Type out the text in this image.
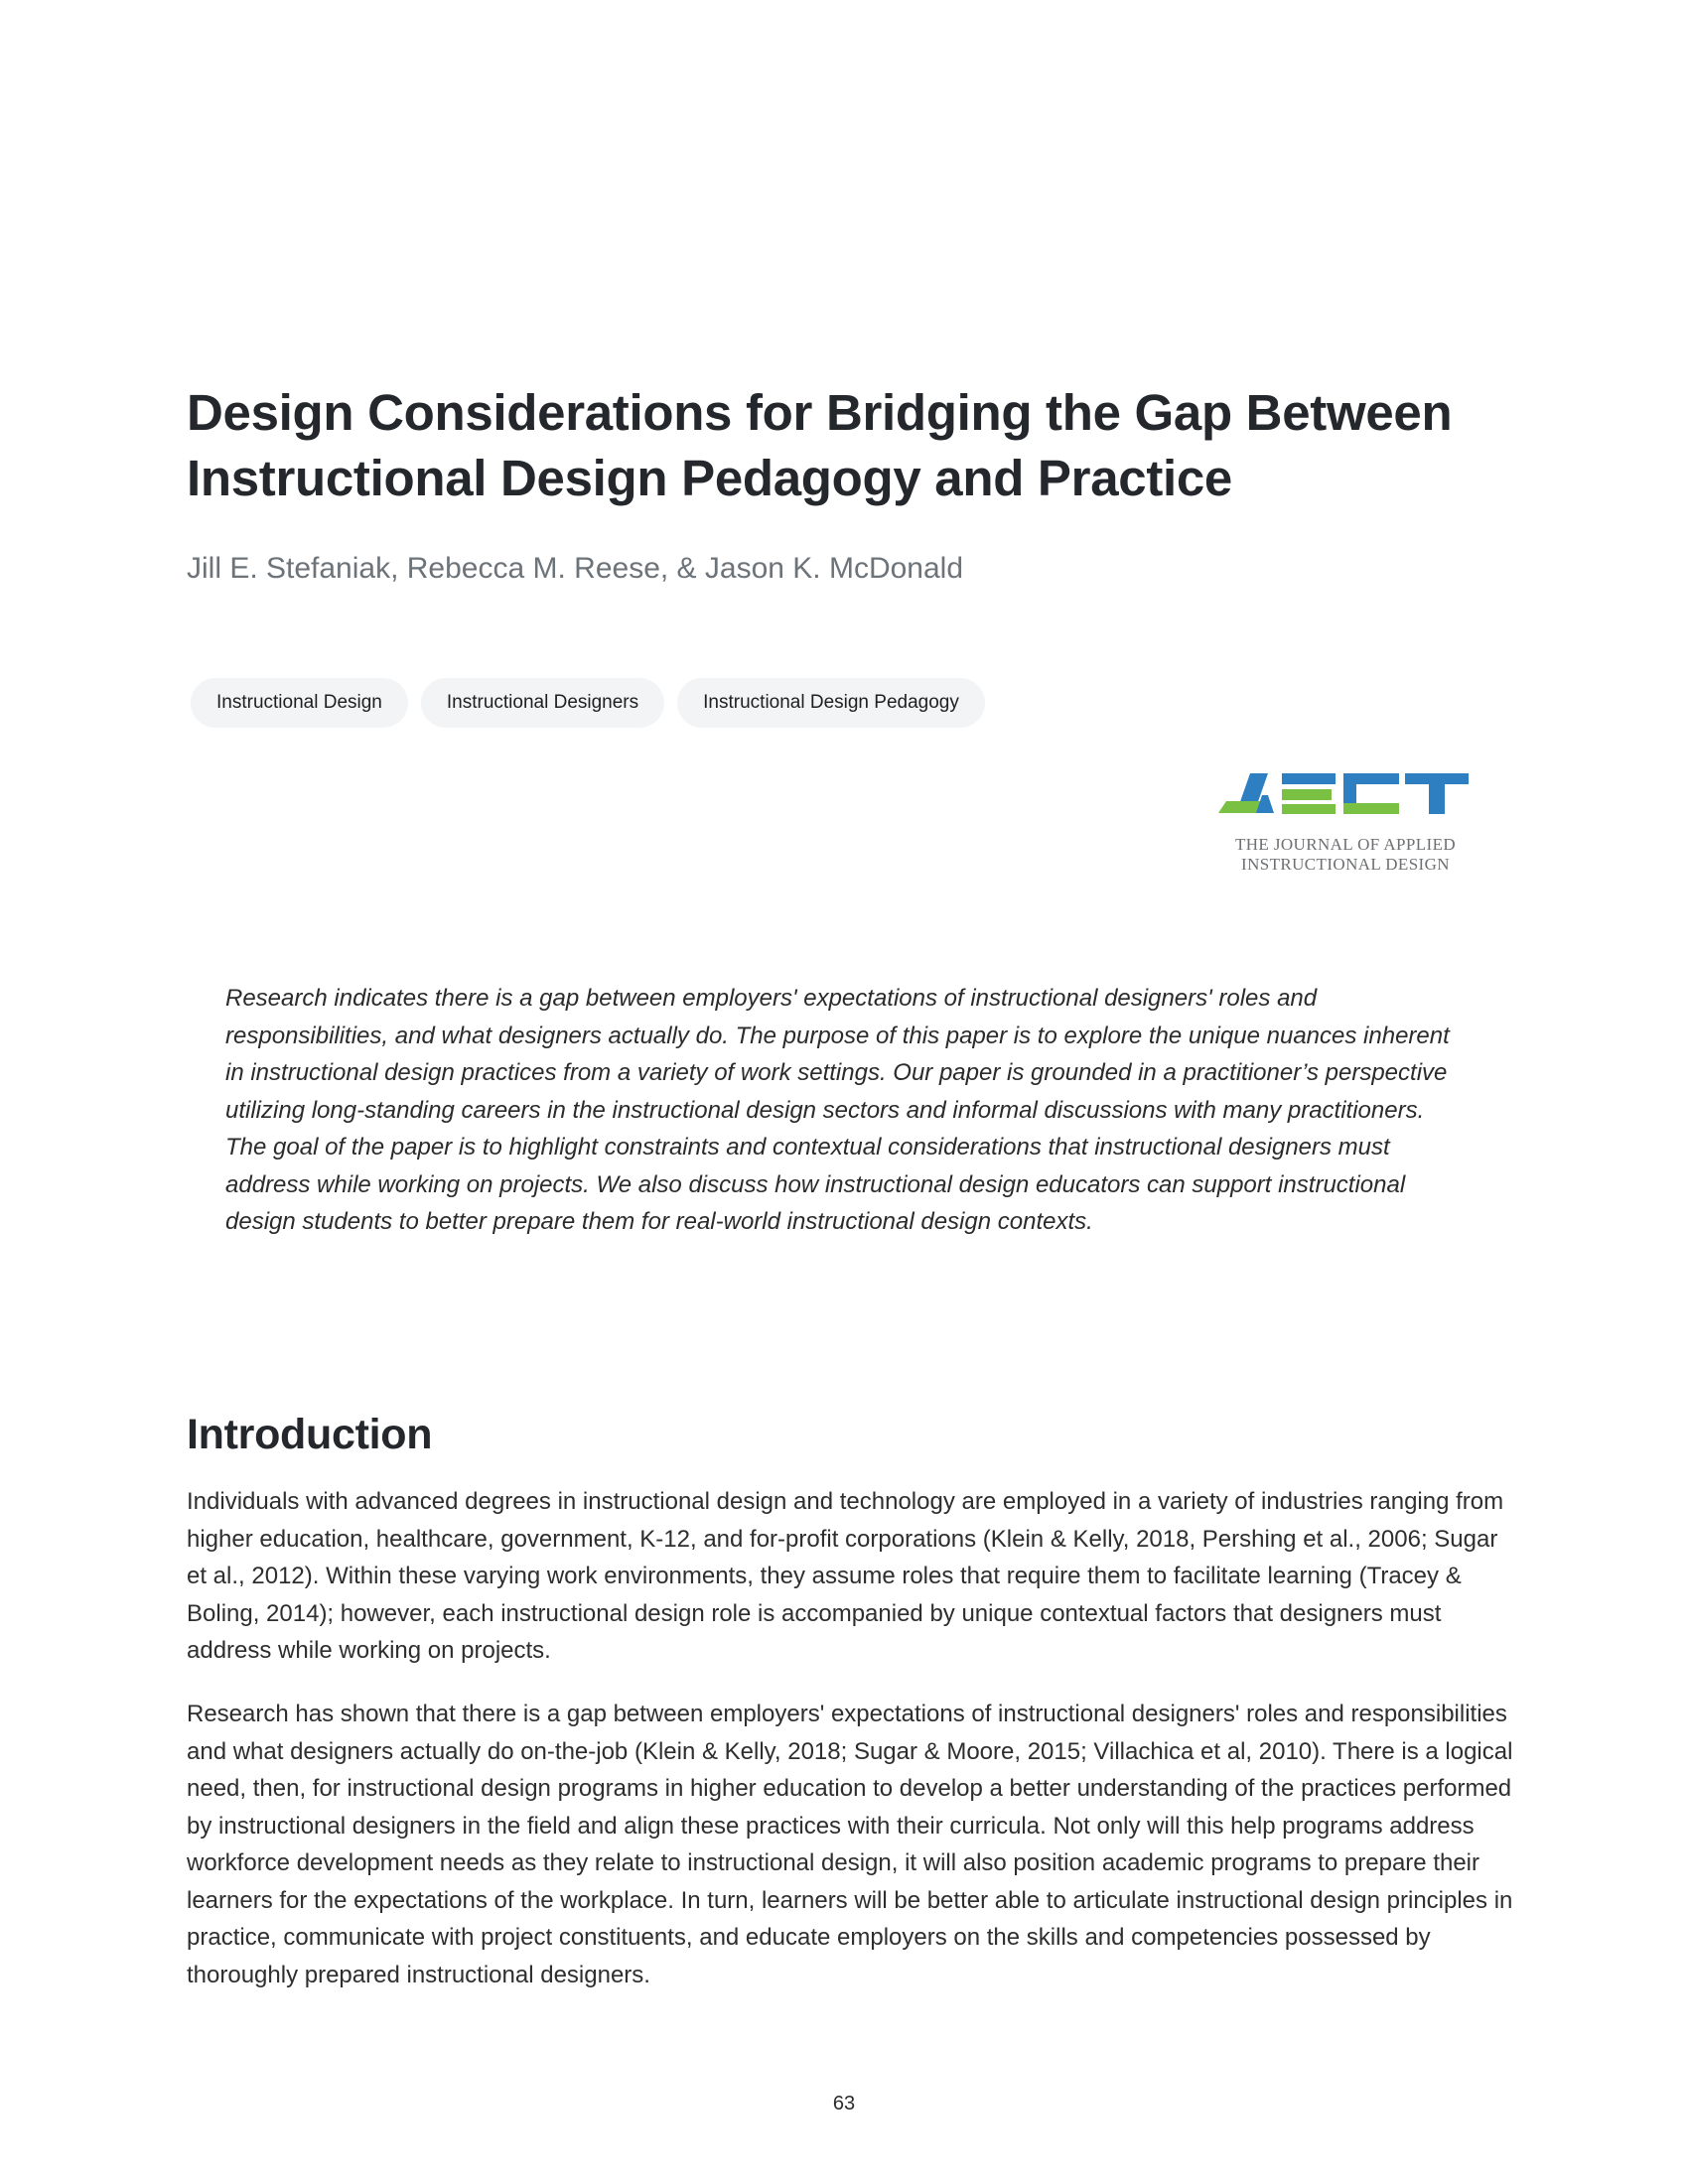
Design Considerations for Bridging the Gap Between Instructional Design Pedagogy and Practice

Jill E. Stefaniak, Rebecca M. Reese, & Jason K. McDonald

Instructional Design	Instructional Designers	Instructional Design Pedagogy
THE JOURNAL OF APPLIED
INSTRUCTIONAL DESIGN

Research indicates there is a gap between employers' expectations of instructional designers' roles and responsibilities, and what designers actually do. The purpose of this paper is to explore the unique nuances inherent in instructional design practices from a variety of work settings. Our paper is grounded in a practitioner’s perspective utilizing long-standing careers in the instructional design sectors and informal discussions with many practitioners. The goal of the paper is to highlight constraints and contextual considerations that instructional designers must address while working on projects. We also discuss how instructional design educators can support instructional design students to better prepare them for real-world instructional design contexts.

Introduction

Individuals with advanced degrees in instructional design and technology are employed in a variety of industries ranging from higher education, healthcare, government, K-12, and for-profit corporations (Klein & Kelly, 2018, Pershing et al., 2006; Sugar et al., 2012). Within these varying work environments, they assume roles that require them to facilitate learning (Tracey & Boling, 2014); however, each instructional design role is accompanied by unique contextual factors that designers must address while working on projects.

Research has shown that there is a gap between employers' expectations of instructional designers' roles and responsibilities and what designers actually do on-the-job (Klein & Kelly, 2018; Sugar & Moore, 2015; Villachica et al, 2010). There is a logical need, then, for instructional design programs in higher education to develop a better understanding of the practices performed by instructional designers in the field and align these practices with their curricula. Not only will this help programs address workforce development needs as they relate to instructional design, it will also position academic programs to prepare their learners for the expectations of the workplace. In turn, learners will be better able to articulate instructional design principles in practice, communicate with project constituents, and educate employers on the skills and competencies possessed by thoroughly prepared instructional designers.

63
